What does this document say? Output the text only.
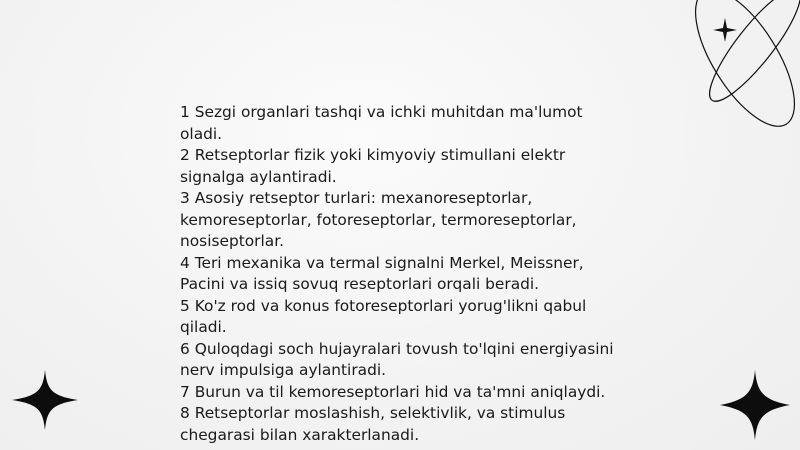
1 Sezgi organlari tashqi va ichki muhitdan ma'lumot oladi.
2 Retseptorlar fizik yoki kimyoviy stimullani elektr signalga aylantiradi.
3 Asosiy retseptor turlari: mexanoreseptorlar, kemoreseptorlar, fotoreseptorlar, termoreseptorlar, nosiseptorlar.
4 Teri mexanika va termal signalni Merkel, Meissner, Pacini va issiq sovuq reseptorlari orqali beradi.
5 Ko'z rod va konus fotoreseptorlari yorug'likni qabul qiladi.
6 Quloqdagi soch hujayralari tovush to'lqini energiyasini nerv impulsiga aylantiradi.
7 Burun va til kemoreseptorlari hid va ta'mni aniqlaydi.
8 Retseptorlar moslashish, selektivlik, va stimulus chegarasi bilan xarakterlanadi.
